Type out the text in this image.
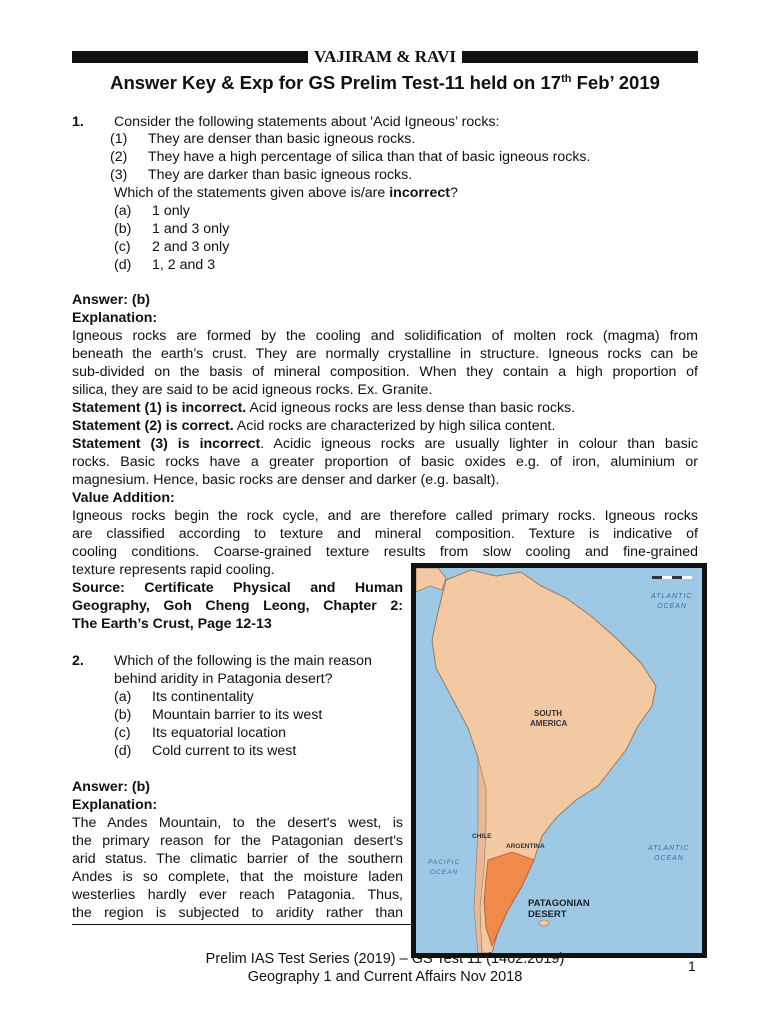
VAJIRAM & RAVI
Answer Key & Exp for GS Prelim Test-11 held on 17th Feb’ 2019
1. Consider the following statements about 'Acid Igneous’ rocks:
(1) They are denser than basic igneous rocks.
(2) They have a high percentage of silica than that of basic igneous rocks.
(3) They are darker than basic igneous rocks.
Which of the statements given above is/are incorrect?
(a) 1 only
(b) 1 and 3 only
(c) 2 and 3 only
(d) 1, 2 and 3
Answer: (b)
Explanation:
Igneous rocks are formed by the cooling and solidification of molten rock (magma) from
beneath the earth’s crust. They are normally crystalline in structure. Igneous rocks can be
sub-divided on the basis of mineral composition. When they contain a high proportion of
silica, they are said to be acid igneous rocks. Ex. Granite.
Statement (1) is incorrect. Acid igneous rocks are less dense than basic rocks.
Statement (2) is correct. Acid rocks are characterized by high silica content.
Statement (3) is incorrect. Acidic igneous rocks are usually lighter in colour than basic
rocks. Basic rocks have a greater proportion of basic oxides e.g. of iron, aluminium or
magnesium. Hence, basic rocks are denser and darker (e.g. basalt).
Value Addition:
Igneous rocks begin the rock cycle, and are therefore called primary rocks. Igneous rocks
are classified according to texture and mineral composition. Texture is indicative of
cooling conditions. Coarse-grained texture results from slow cooling and fine-grained
texture represents rapid cooling.
Source: Certificate Physical and Human
Geography, Goh Cheng Leong, Chapter 2:
The Earth’s Crust, Page 12-13
2. Which of the following is the main reason
behind aridity in Patagonia desert?
(a) Its continentality
(b) Mountain barrier to its west
(c) Its equatorial location
(d) Cold current to its west
Answer: (b)
Explanation:
The Andes Mountain, to the desert's west, is
the primary reason for the Patagonian desert's
arid status. The climatic barrier of the southern
Andes is so complete, that the moisture laden
westerlies hardly ever reach Patagonia. Thus,
the region is subjected to aridity rather than
ATLANTIC
OCEAN
SOUTH
AMERICA
CHILE
ARGENTINA
PACIFIC
OCEAN
ATLANTIC
OCEAN
PATAGONIAN
DESERT
Prelim IAS Test Series (2019) – GS Test 11 (1462.2019)
Geography 1 and Current Affairs Nov 2018
1
